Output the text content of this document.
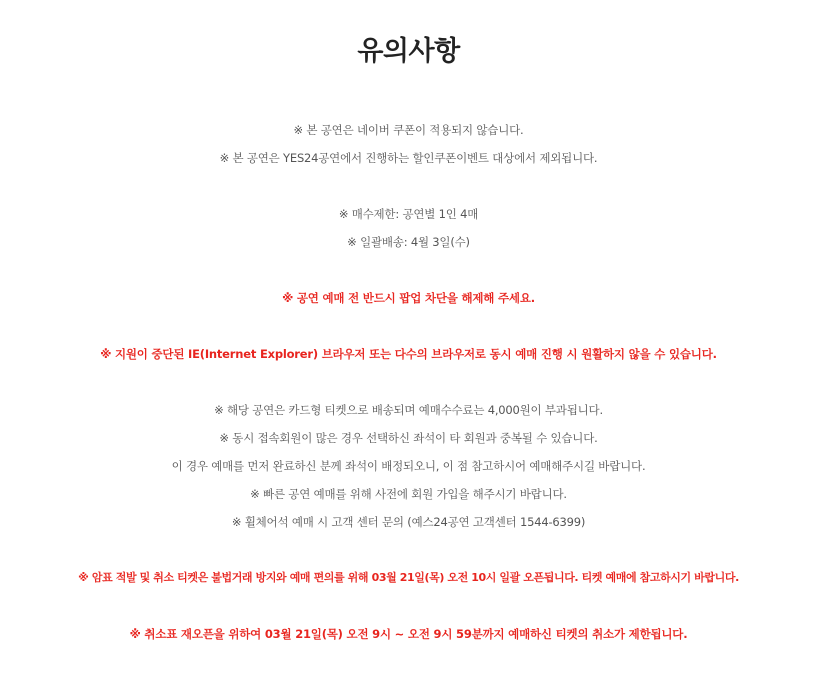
유의사항

※ 본 공연은 네이버 쿠폰이 적용되지 않습니다.

※ 본 공연은 YES24공연에서 진행하는 할인쿠폰이벤트 대상에서 제외됩니다.

※ 매수제한: 공연별 1인 4매

※ 일괄배송: 4월 3일(수)

※ 공연 예매 전 반드시 팝업 차단을 해제해 주세요.

※ 지원이 중단된 IE(Internet Explorer) 브라우저 또는 다수의 브라우저로 동시 예매 진행 시 원활하지 않을 수 있습니다.

※ 해당 공연은 카드형 티켓으로 배송되며 예매수수료는 4,000원이 부과됩니다.

※ 동시 접속회원이 많은 경우 선택하신 좌석이 타 회원과 중복될 수 있습니다.

이 경우 예매를 먼저 완료하신 분께 좌석이 배정되오니, 이 점 참고하시어 예매해주시길 바랍니다.

※ 빠른 공연 예매를 위해 사전에 회원 가입을 해주시기 바랍니다.

※ 휠체어석 예매 시 고객 센터 문의 (예스24공연 고객센터 1544-6399)

※ 암표 적발 및 취소 티켓은 불법거래 방지와 예매 편의를 위해 03월 21일(목) 오전 10시 일괄 오픈됩니다. 티켓 예매에 참고하시기 바랍니다.

※ 취소표 재오픈을 위하여 03월 21일(목) 오전 9시 ~ 오전 9시 59분까지 예매하신 티켓의 취소가 제한됩니다.
